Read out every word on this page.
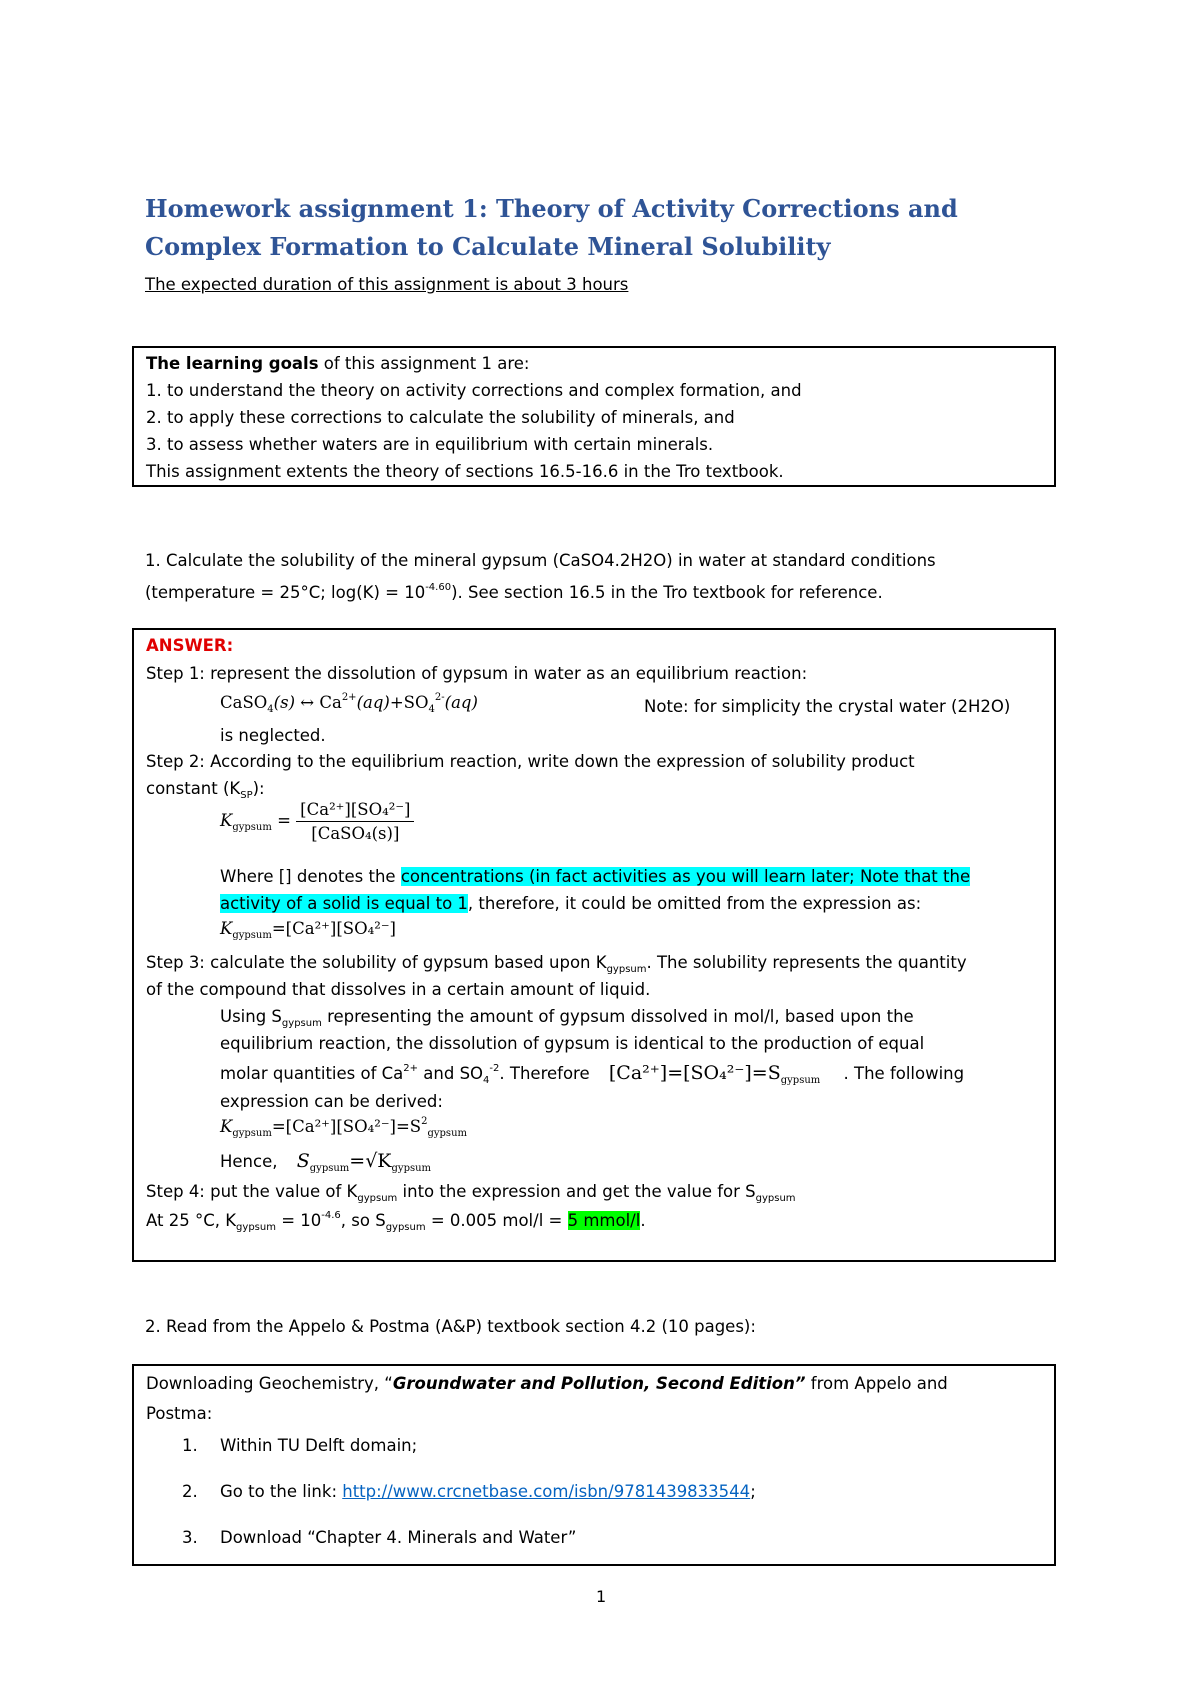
Homework assignment 1: Theory of Activity Corrections and Complex Formation to Calculate Mineral Solubility
The expected duration of this assignment is about 3 hours
The learning goals of this assignment 1 are:
1. to understand the theory on activity corrections and complex formation, and
2. to apply these corrections to calculate the solubility of minerals, and
3. to assess whether waters are in equilibrium with certain minerals.
This assignment extents the theory of sections 16.5-16.6 in the Tro textbook.
1. Calculate the solubility of the mineral gypsum (CaSO4.2H2O) in water at standard conditions
(temperature = 25°C; $\log(K) = 10^{-4.60}$). See section 16.5 in the Tro textbook for reference.
ANSWER:
Step 1: represent the dissolution of gypsum in water as an equilibrium reaction:
CaSO$_4$(s) ↔ $Ca^{2+}(aq)+SO_4^{2-}(aq)$	Note: for simplicity the crystal water (2H2O)
is neglected.
Step 2: According to the equilibrium reaction, write down the expression of solubility product
constant $(K_{SP})$:
$K_{gypsum} = \frac{\text{[Ca²⁺][SO₄²⁻]}}{\text{[CaSO₄(s)]}}$
Where [] denotes the concentrations (in fact activities as you will learn later; Note that the
activity of a solid is equal to 1, therefore, it could be omitted from the expression as:
$K_{gypsum}=[Ca^{2+}][SO_4^{2-}]$
Step 3: calculate the solubility of gypsum based upon $K_{gypsum}$. The solubility represents the quantity
of the compound that dissolves in a certain amount of liquid.
Using $S_{gypsum}$ representing the amount of gypsum dissolved in mol/l, based upon the
equilibrium reaction, the dissolution of gypsum is identical to the production of equal
molar quantities of $Ca^{2+}$ and $SO_4^{-2}$. Therefore $[Ca^{2+}]=[SO_4^{2-}]=S_{gypsum}$ . The following
expression can be derived:
$K_{gypsum}=[Ca^{2+}][SO_4^{2-}]=S^2_{gypsum}$
Hence, $S_{gypsum}=√K_{gypsum}$
Step 4: put the value of $K_{gypsum}$ into the expression and get the value for $S_{gypsum}$
At 25 °C, $K_{gypsum} = 10^{-4.6}$, so $S_{gypsum} = 0.005$ mol/l = 5 mmol/l.
2. Read from the Appelo & Postma (A&P) textbook section 4.2 (10 pages):
Downloading Geochemistry, “Groundwater and Pollution, Second Edition” from Appelo and
Postma:
1. Within TU Delft domain;
2. Go to the link: http://www.crcnetbase.com/isbn/9781439833544;
3. Download “Chapter 4. Minerals and Water”
1
